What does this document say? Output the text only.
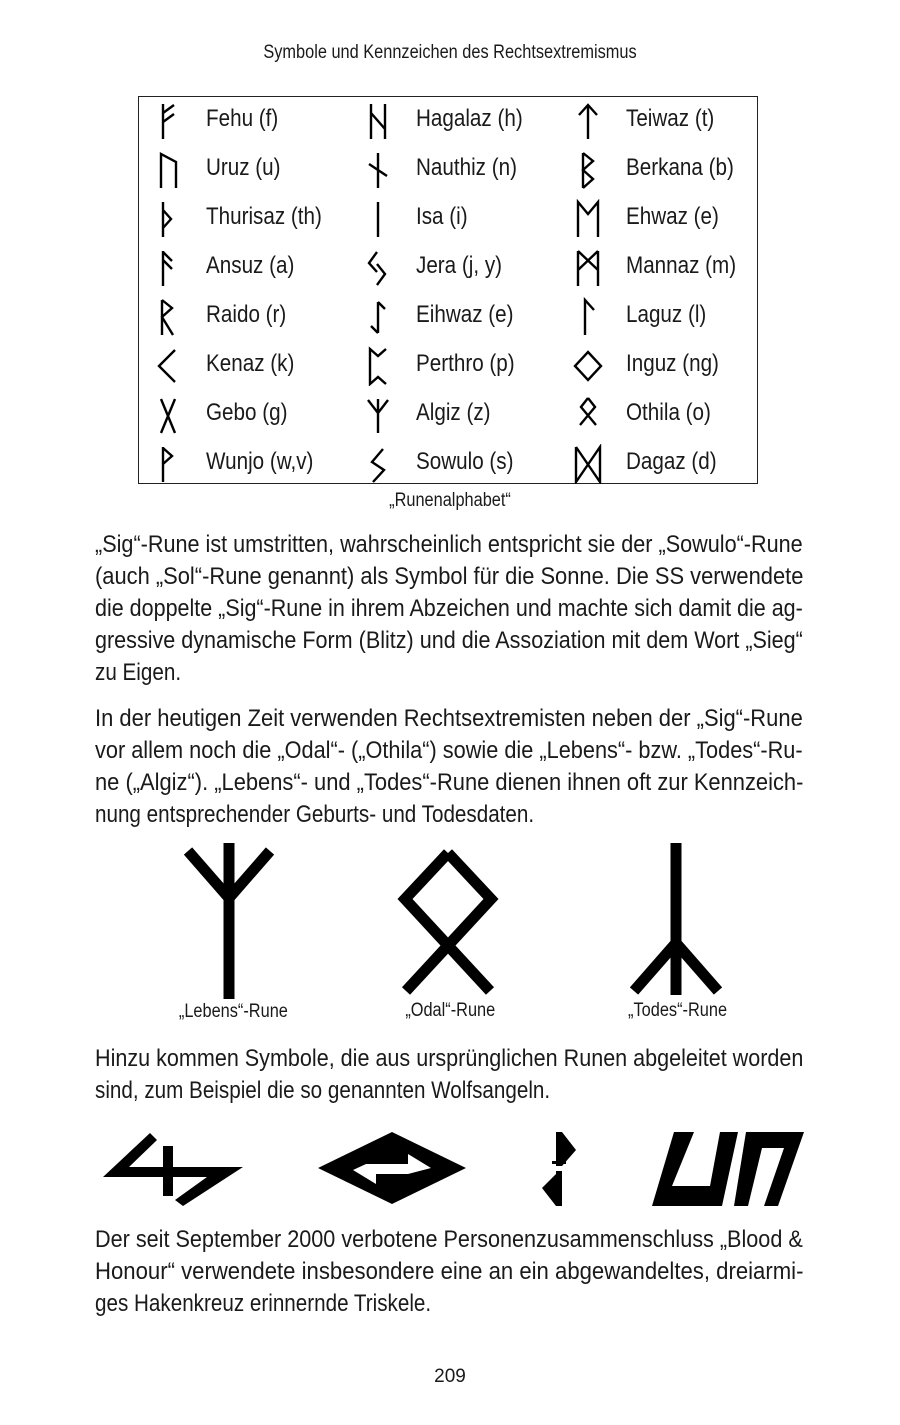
Symbole und Kennzeichen des Rechtsextremismus
Fehu (f)
Uruz (u)
Thurisaz (th)
Ansuz (a)
Raido (r)
Kenaz (k)
Gebo (g)
Wunjo (w,v)
Hagalaz (h)
Nauthiz (n)
Isa (i)
Jera (j, y)
Eihwaz (e)
Perthro (p)
Algiz (z)
Sowulo (s)
Teiwaz (t)
Berkana (b)
Ehwaz (e)
Mannaz (m)
Laguz (l)
Inguz (ng)
Othila (o)
Dagaz (d)
„Runenalphabet“
„Sig“-Rune ist umstritten, wahrscheinlich entspricht sie der „Sowulo“-Rune
(auch „Sol“-Rune genannt) als Symbol für die Sonne. Die SS verwendete
die doppelte „Sig“-Rune in ihrem Abzeichen und machte sich damit die ag-
gressive dynamische Form (Blitz) und die Assoziation mit dem Wort „Sieg“
zu Eigen.
In der heutigen Zeit verwenden Rechtsextremisten neben der „Sig“-Rune
vor allem noch die „Odal“- („Othila“) sowie die „Lebens“- bzw. „Todes“-Ru-
ne („Algiz“). „Lebens“- und „Todes“-Rune dienen ihnen oft zur Kennzeich-
nung entsprechender Geburts- und Todesdaten.
„Lebens“-Rune	„Odal“-Rune	„Todes“-Rune
Hinzu kommen Symbole, die aus ursprünglichen Runen abgeleitet worden
sind, zum Beispiel die so genannten Wolfsangeln.
Der seit September 2000 verbotene Personenzusammenschluss „Blood &
Honour“ verwendete insbesondere eine an ein abgewandeltes, dreiarmi-
ges Hakenkreuz erinnernde Triskele.
209
